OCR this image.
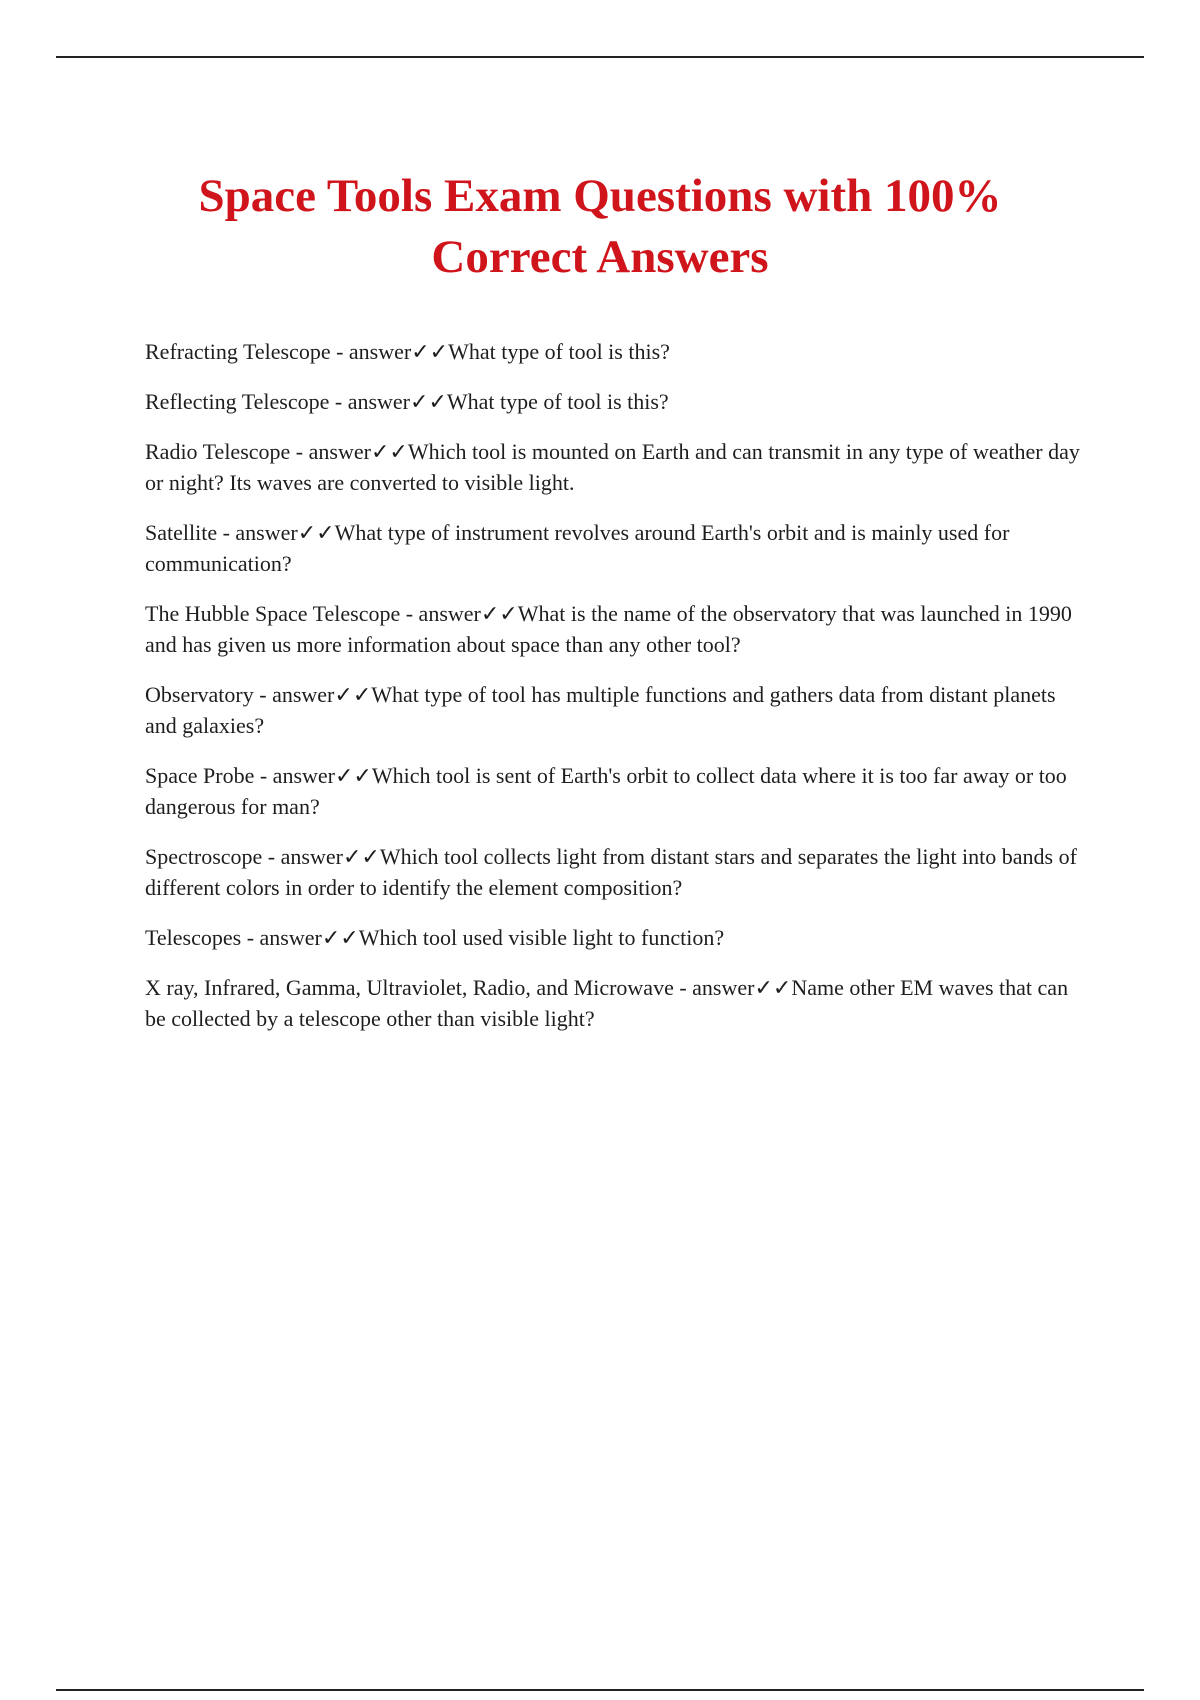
Space Tools Exam Questions with 100%
Correct Answers
Refracting Telescope - answer✓✓What type of tool is this?
Reflecting Telescope - answer✓✓What type of tool is this?
Radio Telescope - answer✓✓Which tool is mounted on Earth and can transmit in any type of weather day or night? Its waves are converted to visible light.
Satellite - answer✓✓What type of instrument revolves around Earth's orbit and is mainly used for communication?
The Hubble Space Telescope - answer✓✓What is the name of the observatory that was launched in 1990 and has given us more information about space than any other tool?
Observatory - answer✓✓What type of tool has multiple functions and gathers data from distant planets and galaxies?
Space Probe - answer✓✓Which tool is sent of Earth's orbit to collect data where it is too far away or too dangerous for man?
Spectroscope - answer✓✓Which tool collects light from distant stars and separates the light into bands of different colors in order to identify the element composition?
Telescopes - answer✓✓Which tool used visible light to function?
X ray, Infrared, Gamma, Ultraviolet, Radio, and Microwave - answer✓✓Name other EM waves that can be collected by a telescope other than visible light?
